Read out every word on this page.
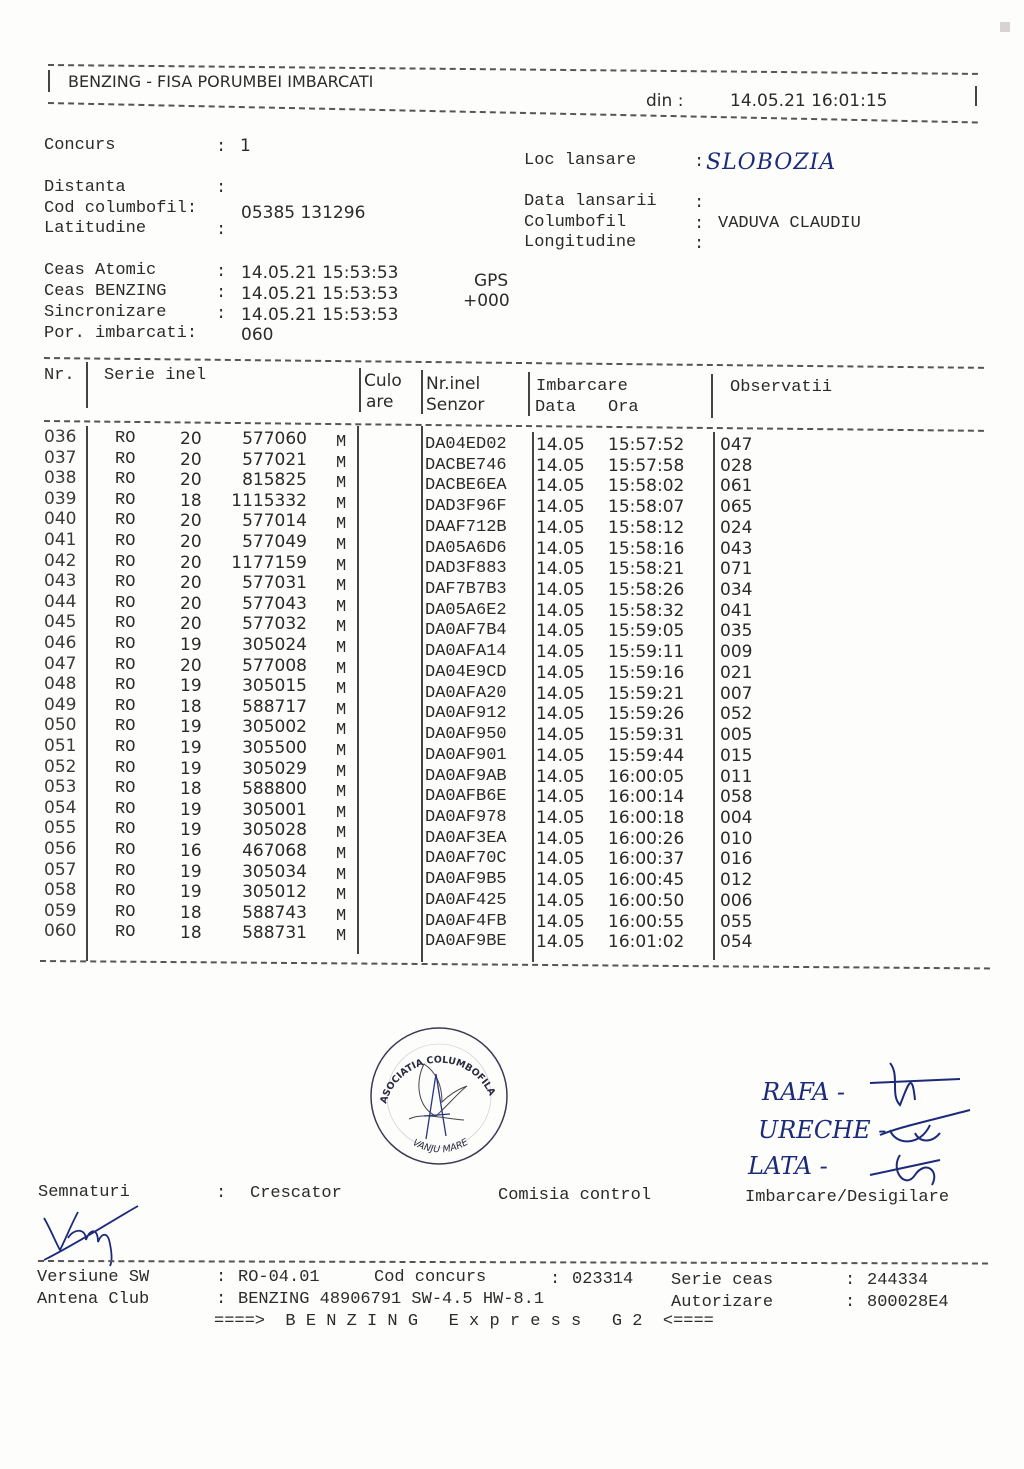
BENZING - FISA PORUMBEI IMBARCATI
din :	14.05.21 16:01:15
Concurs	: 1
Distanta	:
Cod columbofil:	05385 131296
Latitudine	:
Ceas Atomic	: 14.05.21 15:53:53	GPS
Ceas BENZING	: 14.05.21 15:53:53	+000
Sincronizare	: 14.05.21 15:53:53
Por. imbarcati:	060
Loc lansare	: SLOBOZIA
Data lansarii :
Columbofil	: VADUVA CLAUDIU
Longitudine	:
Nr. Serie inel	Culo
are
Nr.inel
Senzor
Imbarcare
Data Ora
Observatii
036 RO	20	577060 M	DA04ED02 14.05 15:57:52 047
037 RO	20	577021 M	DACBE746 14.05 15:57:58 028
038 RO	20	815825 M	DACBE6EA 14.05 15:58:02 061
039 RO	18	1115332 M	DAD3F96F 14.05 15:58:07 065
040 RO	20	577014 M	DAAF712B 14.05 15:58:12 024
041 RO	20	577049 M	DA05A6D6 14.05 15:58:16 043
042 RO	20	1177159 M	DAD3F883 14.05 15:58:21 071
043 RO	20	577031 M	DAF7B7B3 14.05 15:58:26 034
044 RO	20	577043 M	DA05A6E2 14.05 15:58:32 041
045 RO	20	577032 M	DA0AF7B4 14.05 15:59:05 035
046 RO	19	305024 M	DA0AFA14 14.05 15:59:11 009
047 RO	20	577008 M	DA04E9CD 14.05 15:59:16 021
048 RO	19	305015 M	DA0AFA20 14.05 15:59:21 007
049 RO	18	588717 M	DA0AF912 14.05 15:59:26 052
050 RO	19	305002 M	DA0AF950 14.05 15:59:31 005
051 RO	19	305500 M	DA0AF901 14.05 15:59:44 015
052 RO	19	305029 M	DA0AF9AB 14.05 16:00:05 011
053 RO	18	588800 M	DA0AFB6E 14.05 16:00:14 058
054 RO	19	305001 M	DA0AF978 14.05 16:00:18 004
055 RO	19	305028 M	DA0AF3EA 14.05 16:00:26 010
056 RO	16	467068 M	DA0AF70C 14.05 16:00:37 016
057 RO	19	305034 M	DA0AF9B5 14.05 16:00:45 012
058 RO	19	305012 M	DA0AF425 14.05 16:00:50 006
059 RO	18	588743 M	DA0AF4FB 14.05 16:00:55 055
060 RO	18	588731 M	DA0AF9BE 14.05 16:01:02 054
ASOCIATIA COLUMBOFILA
VANJU MARE
RAFA -
URECHE -
LATA -
Semnaturi	: Crescator	Comisia control	Imbarcare/Desigilare
Versiune SW	: RO-04.01	Cod concurs	: 023314 Serie ceas	: 244334
Antena Club	: BENZING 48906791 SW-4.5 HW-8.1	Autorizare	: 800028E4
====>  B E N Z I N G   E x p r e s s   G 2  <====
